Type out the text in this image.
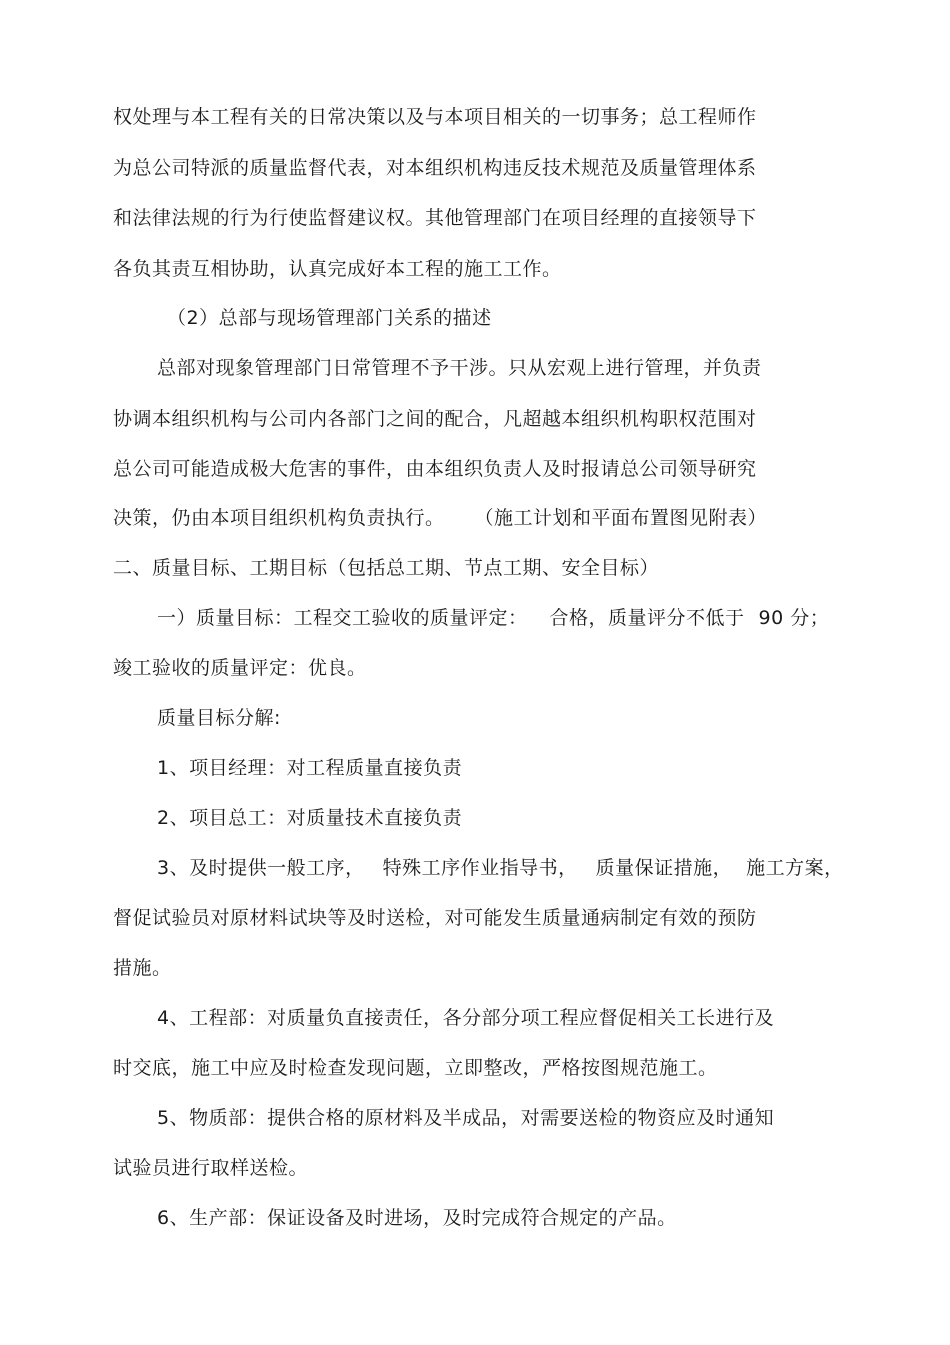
权处理与本工程有关的日常决策以及与本项目相关的一切事务；总工程师作
为总公司特派的质量监督代表，对本组织机构违反技术规范及质量管理体系
和法律法规的行为行使监督建议权。其他管理部门在项目经理的直接领导下
各负其责互相协助，认真完成好本工程的施工工作。
（2）总部与现场管理部门关系的描述
总部对现象管理部门日常管理不予干涉。只从宏观上进行管理，并负责
协调本组织机构与公司内各部门之间的配合，凡超越本组织机构职权范围对
总公司可能造成极大危害的事件，由本组织负责人及时报请总公司领导研究
决策，仍由本项目组织机构负责执行。 （施工计划和平面布置图见附表）
二、质量目标、工期目标（包括总工期、节点工期、安全目标）
一）质量目标：工程交工验收的质量评定： 合格，质量评分不低于 90 分；
竣工验收的质量评定：优良。
质量目标分解:
1、项目经理：对工程质量直接负责
2、项目总工：对质量技术直接负责
3、及时提供一般工序， 特殊工序作业指导书， 质量保证措施， 施工方案，
督促试验员对原材料试块等及时送检，对可能发生质量通病制定有效的预防
措施。
4、工程部：对质量负直接责任，各分部分项工程应督促相关工长进行及
时交底，施工中应及时检查发现问题，立即整改，严格按图规范施工。
5、物质部：提供合格的原材料及半成品，对需要送检的物资应及时通知
试验员进行取样送检。
6、生产部：保证设备及时进场，及时完成符合规定的产品。
